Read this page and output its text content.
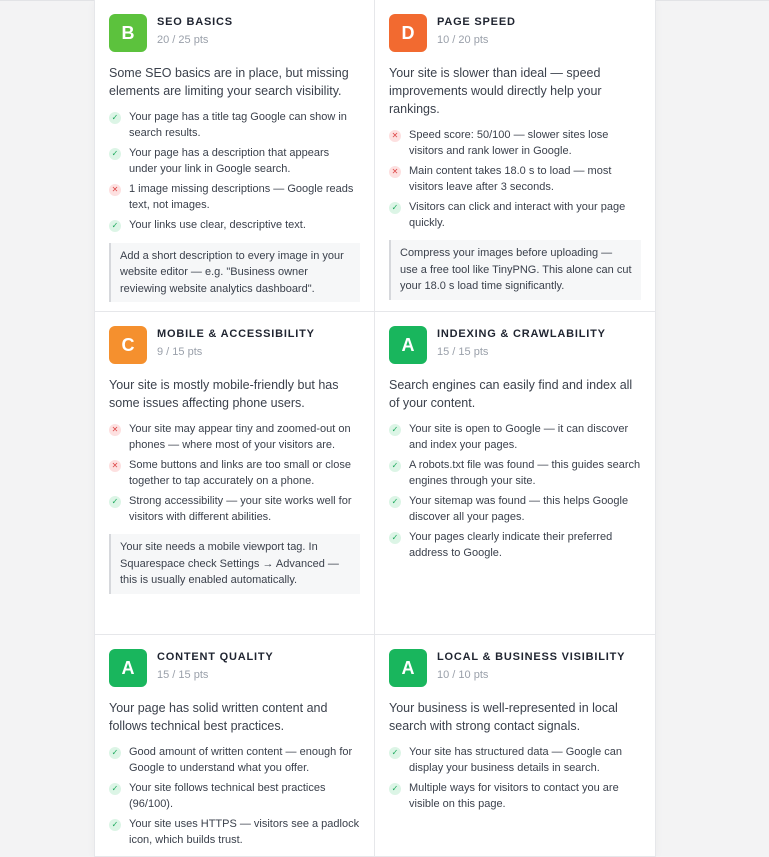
B
SEO BASICS
20 / 25 pts
Some SEO basics are in place, but missing elements are limiting your search visibility.
✓ Your page has a title tag Google can show in search results.
✓ Your page has a description that appears under your link in Google search.
✕ 1 image missing descriptions — Google reads text, not images.
✓ Your links use clear, descriptive text.
Add a short description to every image in your website editor — e.g. "Business owner reviewing website analytics dashboard".
D
PAGE SPEED
10 / 20 pts
Your site is slower than ideal — speed improvements would directly help your rankings.
✕ Speed score: 50/100 — slower sites lose visitors and rank lower in Google.
✕ Main content takes 18.0 s to load — most visitors leave after 3 seconds.
✓ Visitors can click and interact with your page quickly.
Compress your images before uploading — use a free tool like TinyPNG. This alone can cut your 18.0 s load time significantly.
C
MOBILE & ACCESSIBILITY
9 / 15 pts
Your site is mostly mobile-friendly but has some issues affecting phone users.
✕ Your site may appear tiny and zoomed-out on phones — where most of your visitors are.
✕ Some buttons and links are too small or close together to tap accurately on a phone.
✓ Strong accessibility — your site works well for visitors with different abilities.
Your site needs a mobile viewport tag. In Squarespace check Settings → Advanced — this is usually enabled automatically.
A
INDEXING & CRAWLABILITY
15 / 15 pts
Search engines can easily find and index all of your content.
✓ Your site is open to Google — it can discover and index your pages.
✓ A robots.txt file was found — this guides search engines through your site.
✓ Your sitemap was found — this helps Google discover all your pages.
✓ Your pages clearly indicate their preferred address to Google.
A
CONTENT QUALITY
15 / 15 pts
Your page has solid written content and follows technical best practices.
✓ Good amount of written content — enough for Google to understand what you offer.
✓ Your site follows technical best practices (96/100).
✓ Your site uses HTTPS — visitors see a padlock icon, which builds trust.
A
LOCAL & BUSINESS VISIBILITY
10 / 10 pts
Your business is well-represented in local search with strong contact signals.
✓ Your site has structured data — Google can display your business details in search.
✓ Multiple ways for visitors to contact you are visible on this page.
